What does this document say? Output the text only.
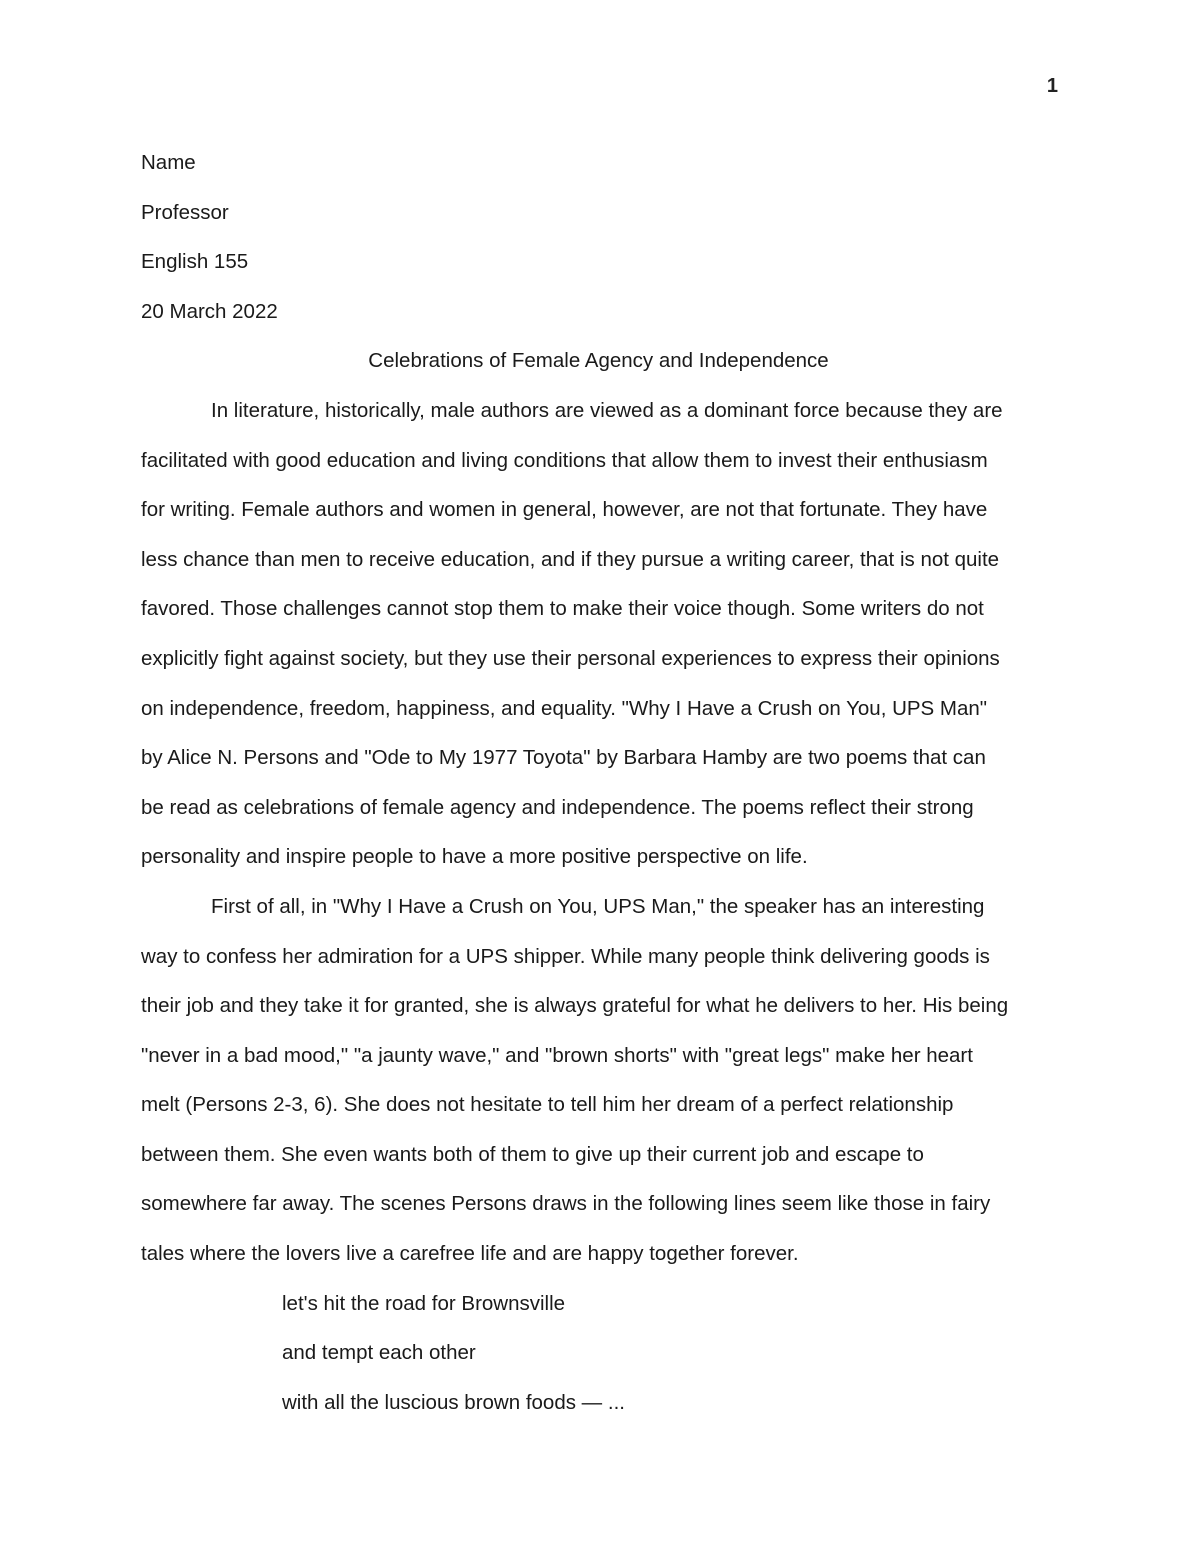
1

Name

Professor

English 155

20 March 2022

Celebrations of Female Agency and Independence

In literature, historically, male authors are viewed as a dominant force because they are

facilitated with good education and living conditions that allow them to invest their enthusiasm

for writing. Female authors and women in general, however, are not that fortunate. They have

less chance than men to receive education, and if they pursue a writing career, that is not quite

favored. Those challenges cannot stop them to make their voice though. Some writers do not

explicitly fight against society, but they use their personal experiences to express their opinions

on independence, freedom, happiness, and equality. "Why I Have a Crush on You, UPS Man"

by Alice N. Persons and "Ode to My 1977 Toyota" by Barbara Hamby are two poems that can

be read as celebrations of female agency and independence. The poems reflect their strong

personality and inspire people to have a more positive perspective on life.

First of all, in "Why I Have a Crush on You, UPS Man," the speaker has an interesting

way to confess her admiration for a UPS shipper. While many people think delivering goods is

their job and they take it for granted, she is always grateful for what he delivers to her. His being

"never in a bad mood," "a jaunty wave," and "brown shorts" with "great legs" make her heart

melt (Persons 2-3, 6). She does not hesitate to tell him her dream of a perfect relationship

between them. She even wants both of them to give up their current job and escape to

somewhere far away. The scenes Persons draws in the following lines seem like those in fairy

tales where the lovers live a carefree life and are happy together forever.

let's hit the road for Brownsville

and tempt each other

with all the luscious brown foods — ...
